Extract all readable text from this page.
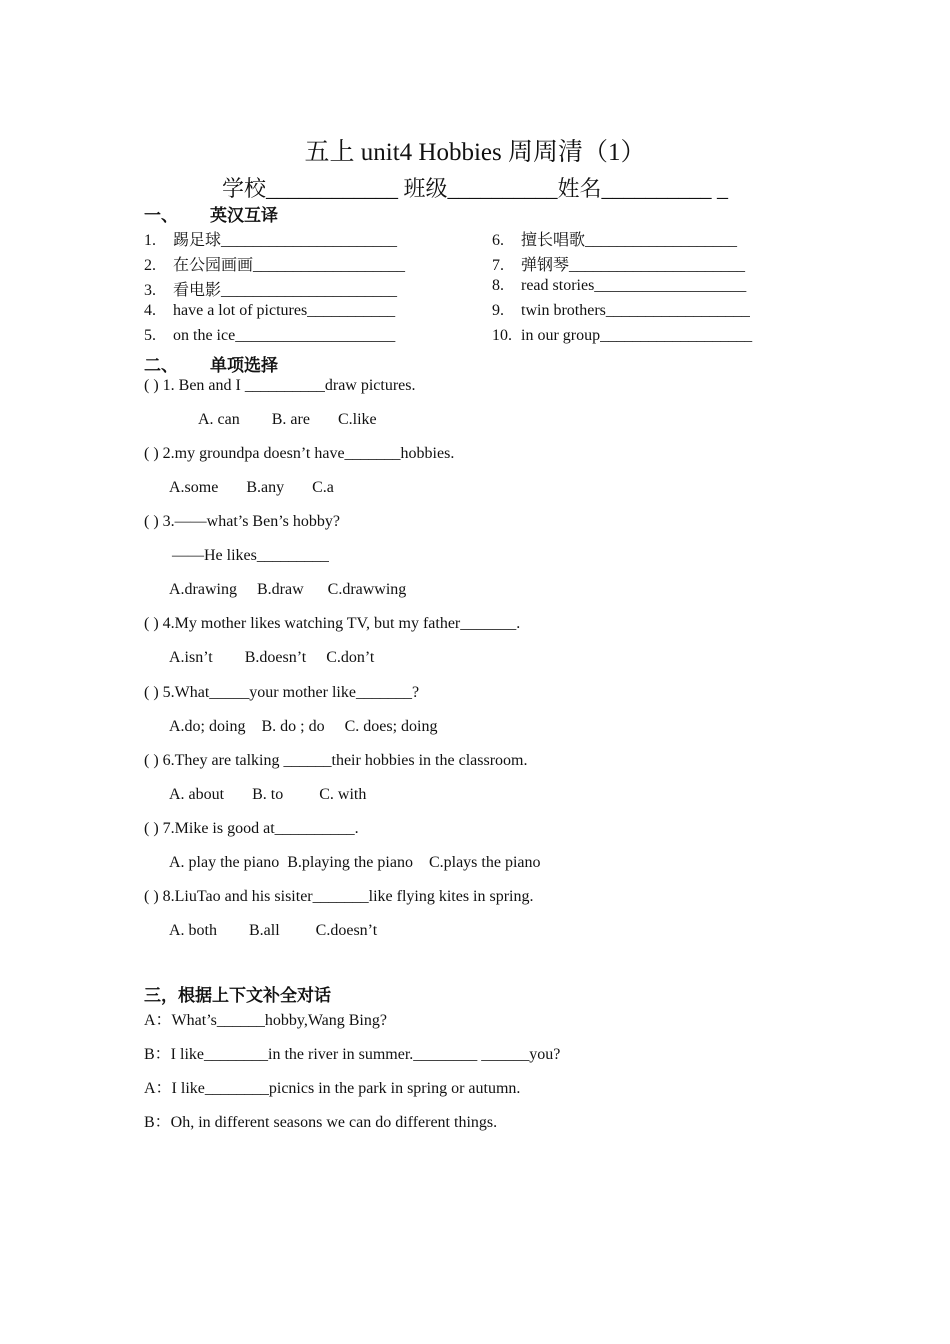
五上 unit4 Hobbies 周周清（1）
学校____________ 班级__________姓名__________ _
一、 英汉互译
1. 踢足球______________________
2. 在公园画画___________________
3. 看电影______________________
4. have a lot of pictures___________
5. on the ice____________________
6. 擅长唱歌___________________
7. 弹钢琴______________________
8. read stories___________________
9. twin brothers__________________
10. in our group___________________
二、 单项选择
( ) 1. Ben and I __________draw pictures.
A. can        B. are       C.like
( ) 2.my groundpa doesn’t have_______hobbies.
A.some       B.any       C.a
( ) 3.——what’s Ben’s hobby?
——He likes_________
A.drawing     B.draw      C.drawwing
( ) 4.My mother likes watching TV, but my father_______.
A.isn’t        B.doesn’t     C.don’t
( ) 5.What_____your mother like_______?
A.do; doing    B. do ; do     C. does; doing
( ) 6.They are talking ______their hobbies in the classroom.
A. about       B. to         C. with
( ) 7.Mike is good at__________.
A. play the piano  B.playing the piano    C.plays the piano
( ) 8.LiuTao and his sisiter_______like flying kites in spring.
A. both        B.all         C.doesn’t
三，根据上下文补全对话
A：What’s______hobby,Wang Bing?
B：I like________in the river in summer.________ ______you?
A：I like________picnics in the park in spring or autumn.
B：Oh, in different seasons we can do different things.
